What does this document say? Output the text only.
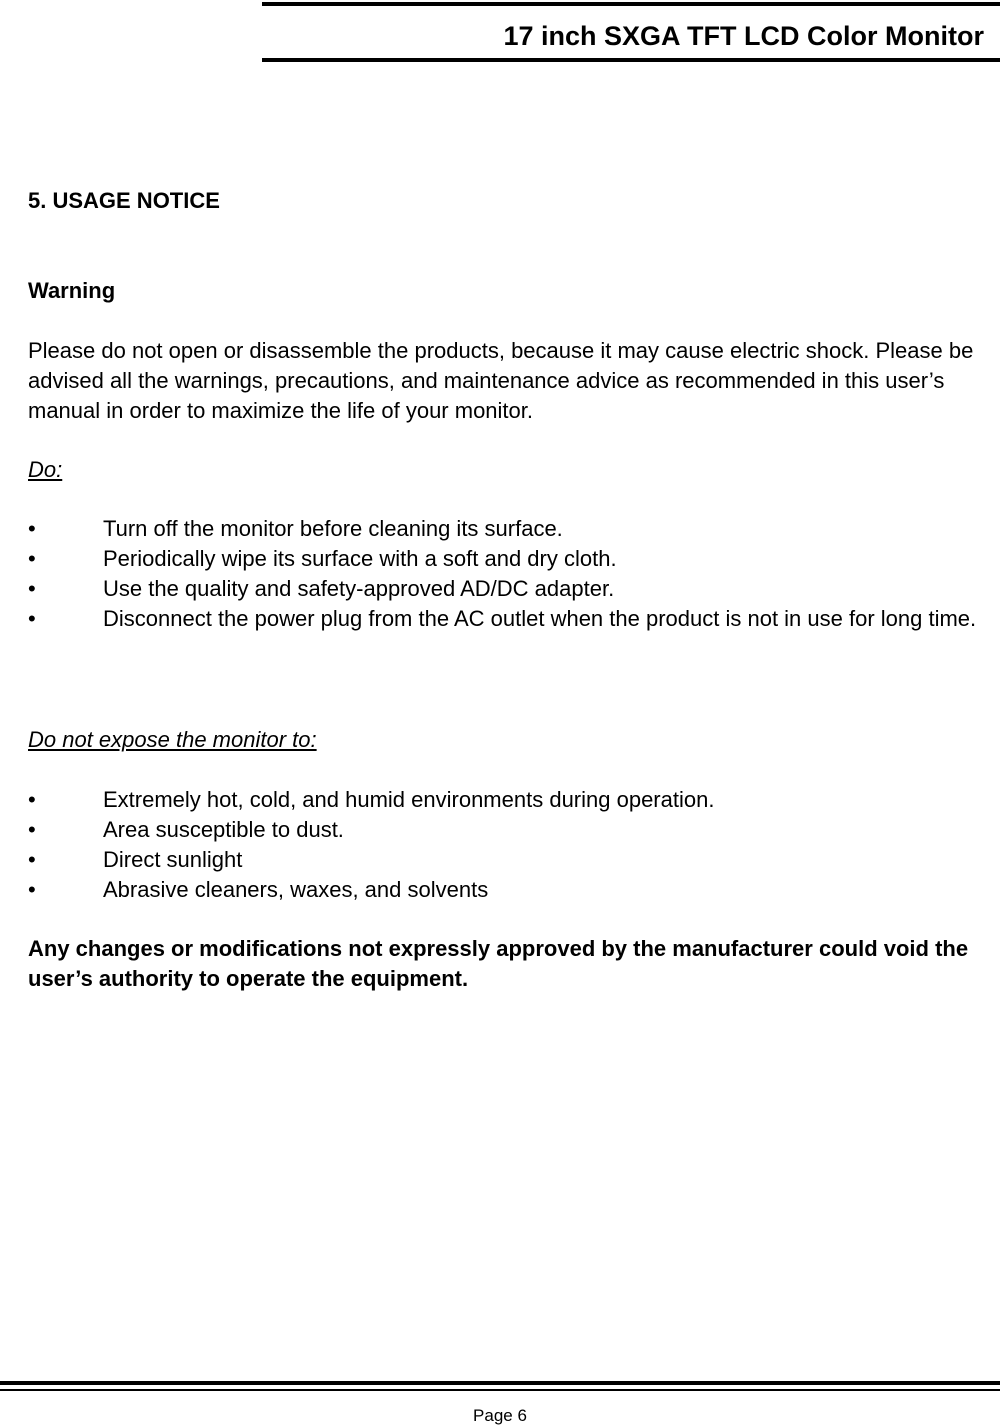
17 inch SXGA TFT LCD Color Monitor
5. USAGE NOTICE
Warning
Please do not open or disassemble the products, because it may cause electric shock. Please be advised all the warnings, precautions, and maintenance advice as recommended in this user’s manual in order to maximize the life of your monitor.
Do:
•	Turn off the monitor before cleaning its surface.
•	Periodically wipe its surface with a soft and dry cloth.
•	Use the quality and safety-approved AD/DC adapter.
•	Disconnect the power plug from the AC outlet when the product is not in use for long time.
Do not expose the monitor to:
•	Extremely hot, cold, and humid environments during operation.
•	Area susceptible to dust.
•	Direct sunlight
•	Abrasive cleaners, waxes, and solvents
Any changes or modifications not expressly approved by the manufacturer could void the user’s authority to operate the equipment.
Page 6
